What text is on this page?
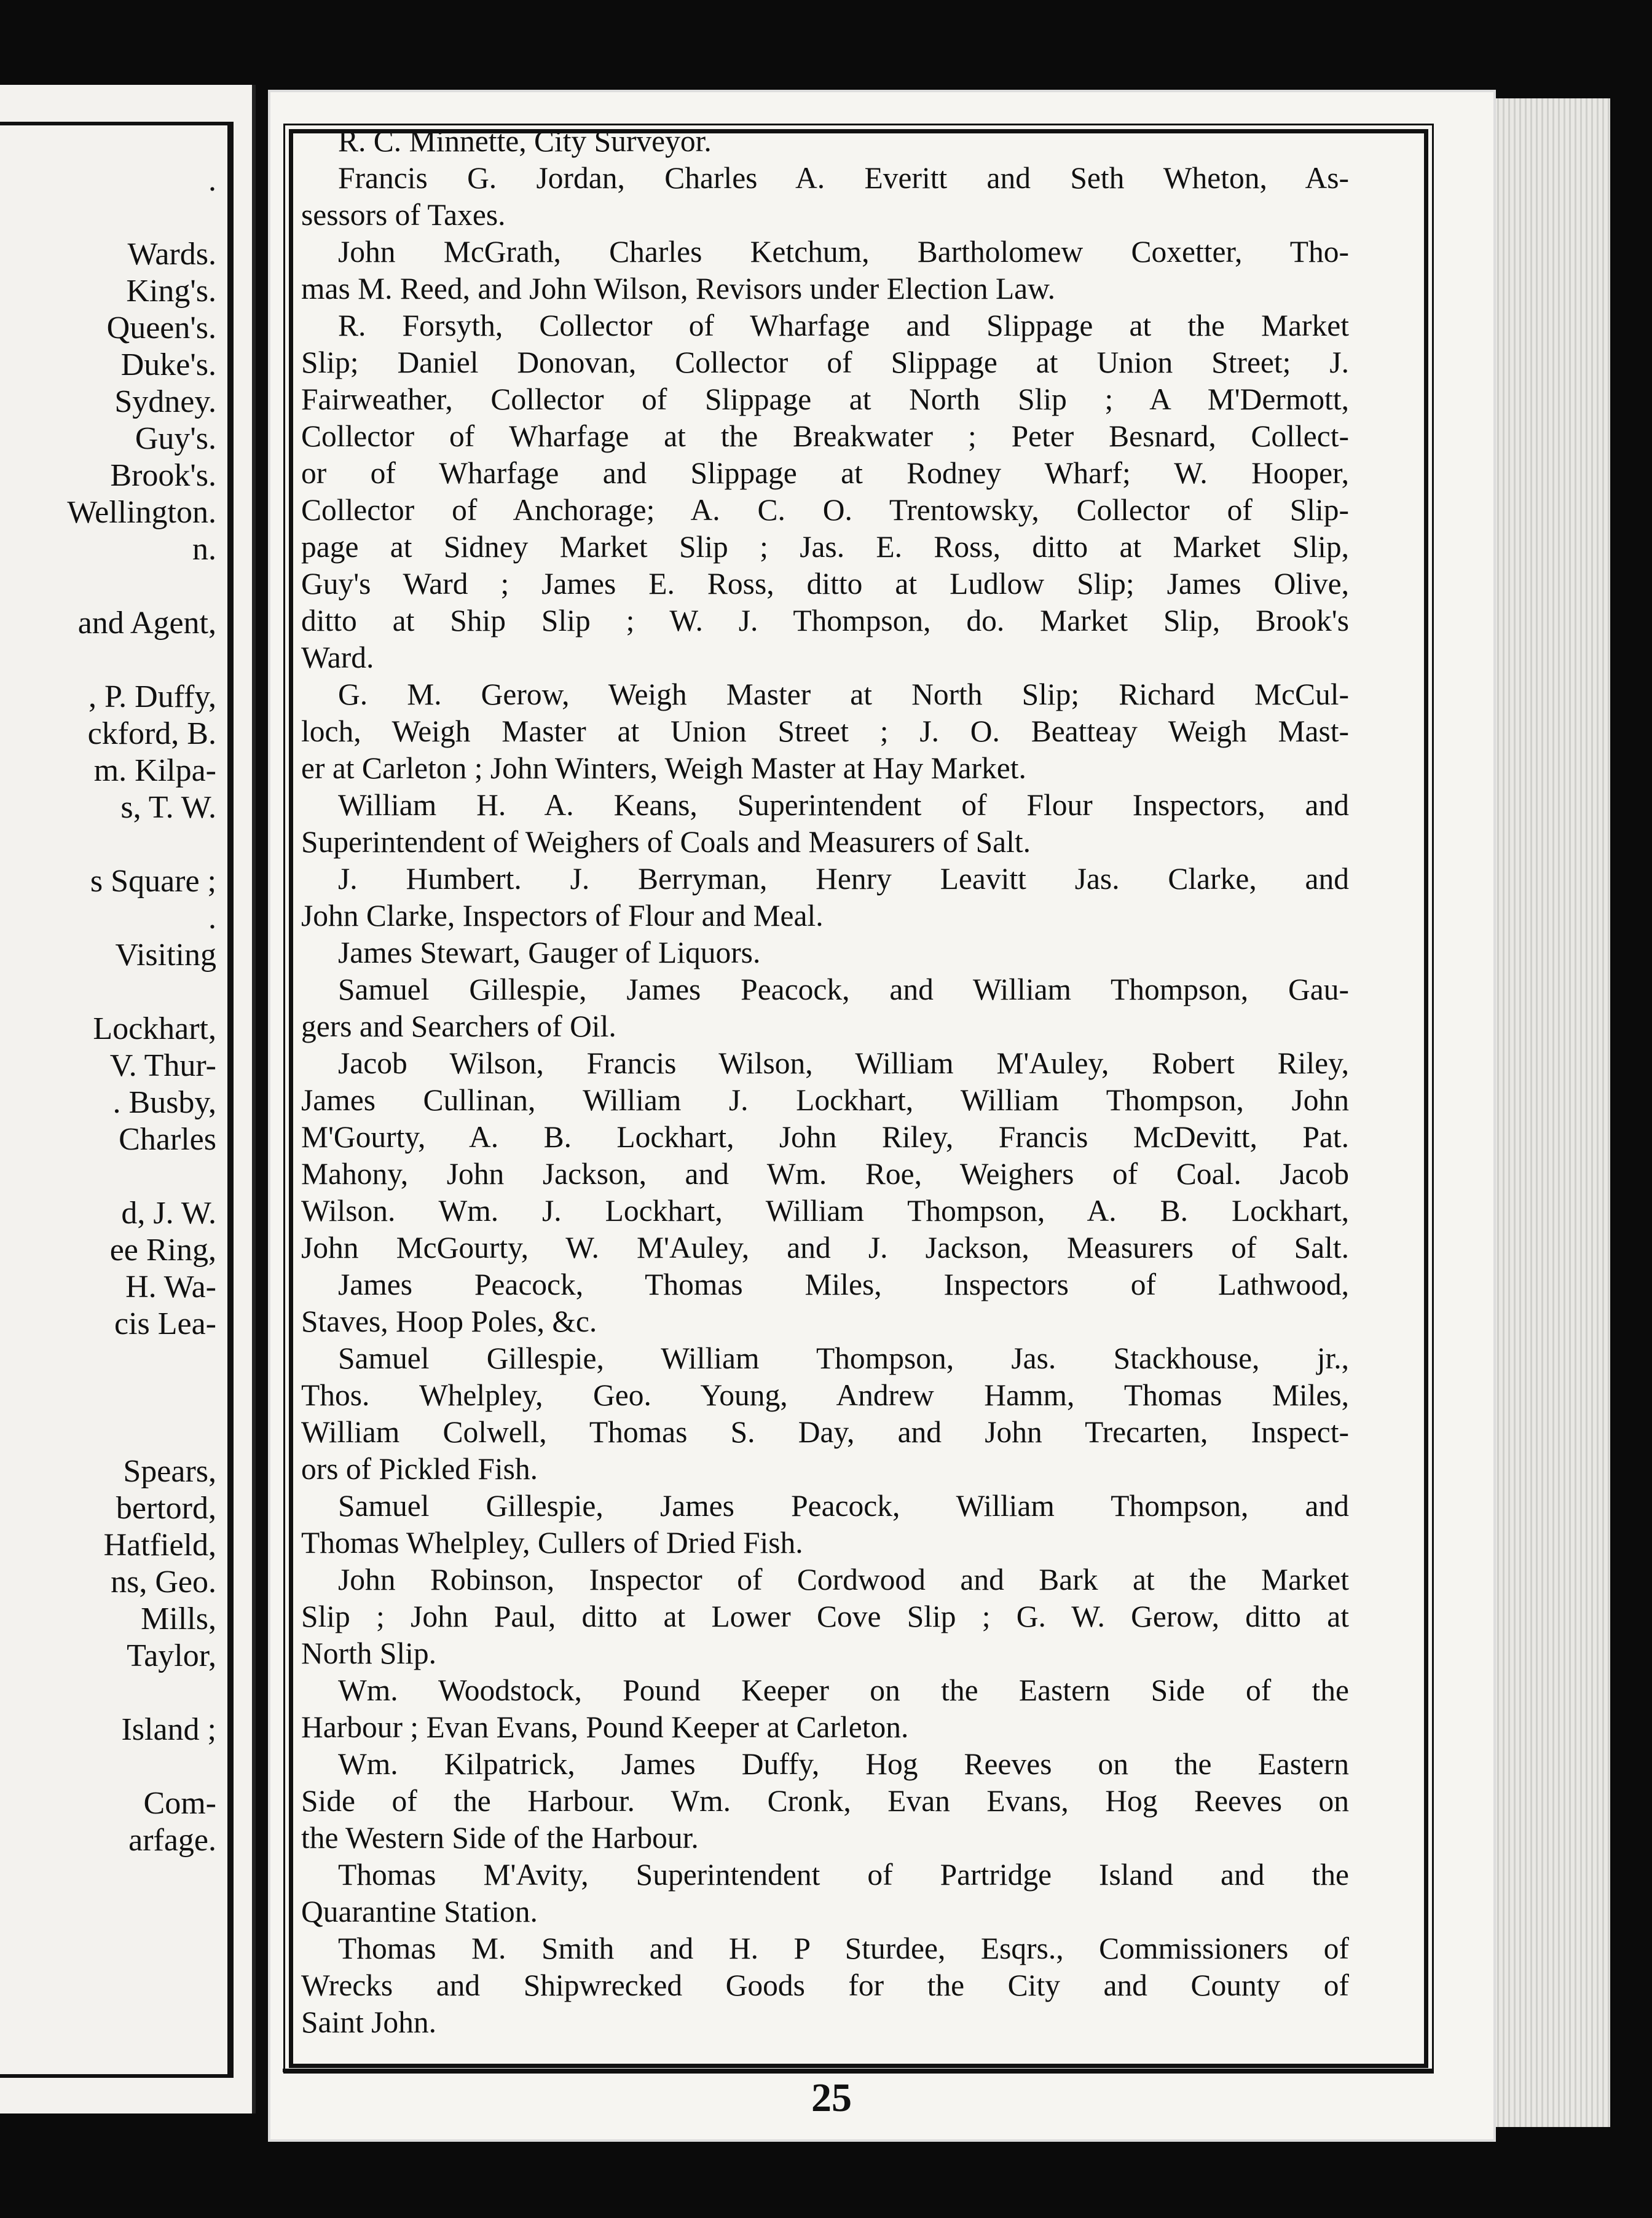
.
Wards.
King's.
Queen's.
Duke's.
Sydney.
Guy's.
Brook's.
Wellington.
n.
and Agent,
, P. Duffy,
ckford, B.
m. Kilpa-
s, T. W.
s Square ;
.
Visiting
Lockhart,
V. Thur-
. Busby,
Charles
d, J. W.
ee Ring,
H. Wa-
cis Lea-
Spears,
bertord,
Hatfield,
ns, Geo.
Mills,
Taylor,
Island ;
Com-
arfage.
R. C. Minnette, City Surveyor.
Francis G. Jordan, Charles A. Everitt and Seth Wheton, As-
sessors of Taxes.
John McGrath, Charles Ketchum, Bartholomew Coxetter, Tho-
mas M. Reed, and John Wilson, Revisors under Election Law.
R. Forsyth, Collector of Wharfage and Slippage at the Market
Slip; Daniel Donovan, Collector of Slippage at Union Street; J.
Fairweather, Collector of Slippage at North Slip ; A M'Dermott,
Collector of Wharfage at the Breakwater ; Peter Besnard, Collect-
or of Wharfage and Slippage at Rodney Wharf; W. Hooper,
Collector of Anchorage; A. C. O. Trentowsky, Collector of Slip-
page at Sidney Market Slip ; Jas. E. Ross, ditto at Market Slip,
Guy's Ward ; James E. Ross, ditto at Ludlow Slip; James Olive,
ditto at Ship Slip ; W. J. Thompson, do. Market Slip, Brook's
Ward.
G. M. Gerow, Weigh Master at North Slip; Richard McCul-
loch, Weigh Master at Union Street ; J. O. Beatteay Weigh Mast-
er at Carleton ; John Winters, Weigh Master at Hay Market.
William H. A. Keans, Superintendent of Flour Inspectors, and
Superintendent of Weighers of Coals and Measurers of Salt.
J. Humbert. J. Berryman, Henry Leavitt Jas. Clarke, and
John Clarke, Inspectors of Flour and Meal.
James Stewart, Gauger of Liquors.
Samuel Gillespie, James Peacock, and William Thompson, Gau-
gers and Searchers of Oil.
Jacob Wilson, Francis Wilson, William M'Auley, Robert Riley,
James Cullinan, William J. Lockhart, William Thompson, John
M'Gourty, A. B. Lockhart, John Riley, Francis McDevitt, Pat.
Mahony, John Jackson, and Wm. Roe, Weighers of Coal. Jacob
Wilson. Wm. J. Lockhart, William Thompson, A. B. Lockhart,
John McGourty, W. M'Auley, and J. Jackson, Measurers of Salt.
James Peacock, Thomas Miles, Inspectors of Lathwood,
Staves, Hoop Poles, &c.
Samuel Gillespie, William Thompson, Jas. Stackhouse, jr.,
Thos. Whelpley, Geo. Young, Andrew Hamm, Thomas Miles,
William Colwell, Thomas S. Day, and John Trecarten, Inspect-
ors of Pickled Fish.
Samuel Gillespie, James Peacock, William Thompson, and
Thomas Whelpley, Cullers of Dried Fish.
John Robinson, Inspector of Cordwood and Bark at the Market
Slip ; John Paul, ditto at Lower Cove Slip ; G. W. Gerow, ditto at
North Slip.
Wm. Woodstock, Pound Keeper on the Eastern Side of the
Harbour ; Evan Evans, Pound Keeper at Carleton.
Wm. Kilpatrick, James Duffy, Hog Reeves on the Eastern
Side of the Harbour. Wm. Cronk, Evan Evans, Hog Reeves on
the Western Side of the Harbour.
Thomas M'Avity, Superintendent of Partridge Island and the
Quarantine Station.
Thomas M. Smith and H. P Sturdee, Esqrs., Commissioners of
Wrecks and Shipwrecked Goods for the City and County of
Saint John.
25
